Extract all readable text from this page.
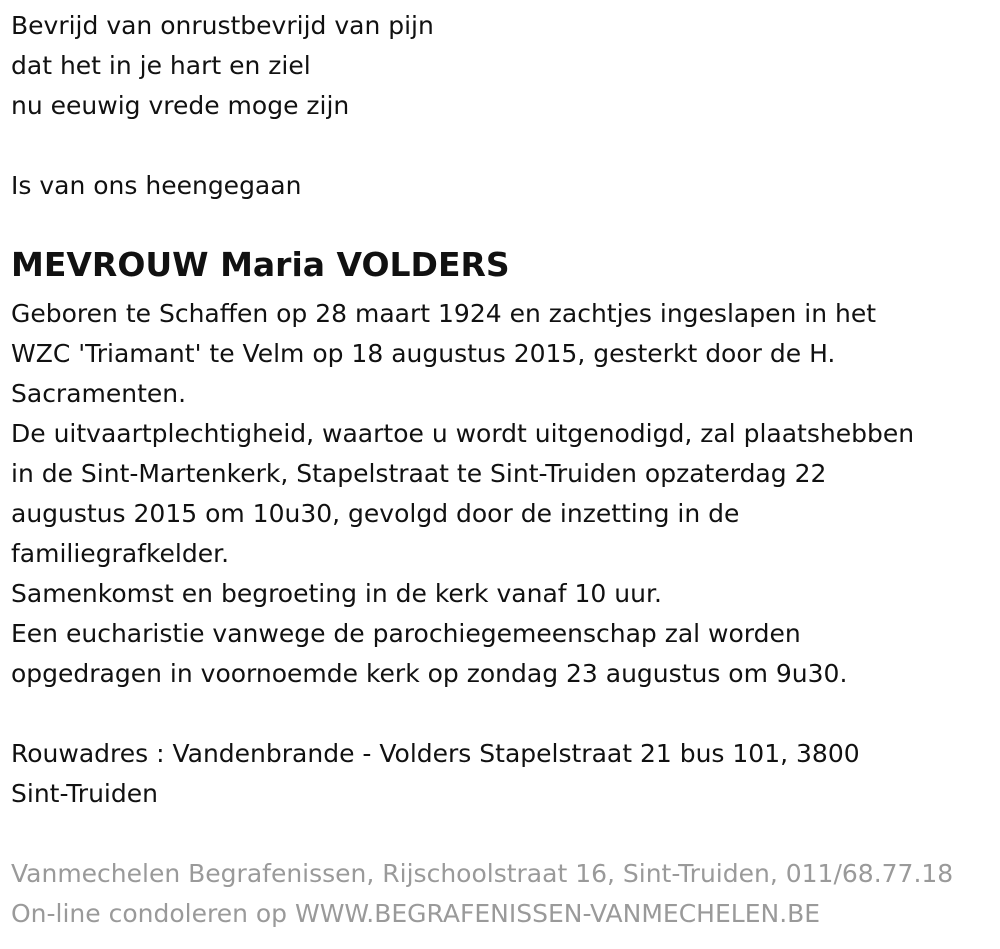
Bevrijd van onrustbevrijd van pijn
dat het in je hart en ziel
nu eeuwig vrede moge zijn
Is van ons heengegaan
MEVROUW Maria VOLDERS
Geboren te Schaffen op 28 maart 1924 en zachtjes ingeslapen in het
WZC 'Triamant' te Velm op 18 augustus 2015, gesterkt door de H.
Sacramenten.
De uitvaartplechtigheid, waartoe u wordt uitgenodigd, zal plaatshebben
in de Sint-Martenkerk, Stapelstraat te Sint-Truiden opzaterdag 22
augustus 2015 om 10u30, gevolgd door de inzetting in de
familiegrafkelder.
Samenkomst en begroeting in de kerk vanaf 10 uur.
Een eucharistie vanwege de parochiegemeenschap zal worden
opgedragen in voornoemde kerk op zondag 23 augustus om 9u30.
Rouwadres : Vandenbrande - Volders Stapelstraat 21 bus 101, 3800
Sint-Truiden
Vanmechelen Begrafenissen, Rijschoolstraat 16, Sint-Truiden, 011/68.77.18
On-line condoleren op WWW.BEGRAFENISSEN-VANMECHELEN.BE
